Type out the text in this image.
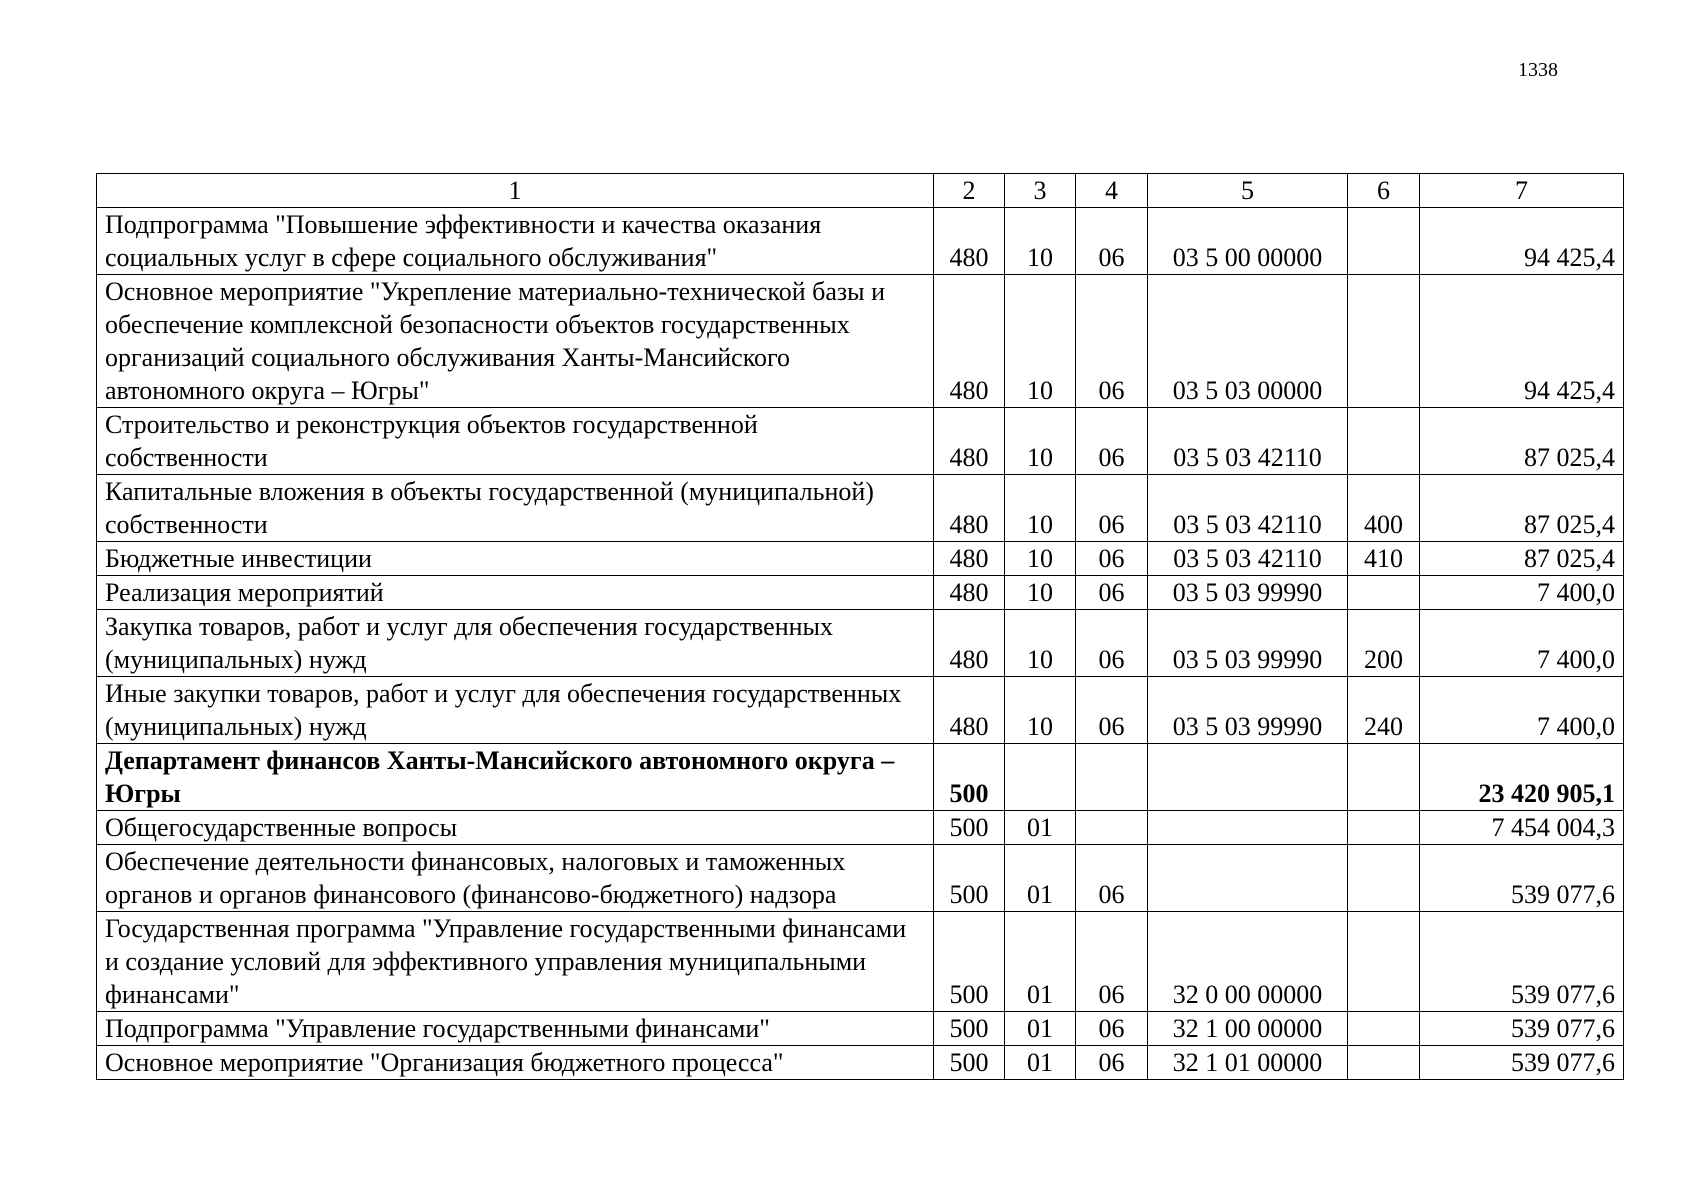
1338
1	2	3	4	5	6	7
Подпрограмма "Повышение эффективности и качества оказания социальных услуг в сфере социального обслуживания"	480	10	06	03 5 00 00000		94 425,4
Основное мероприятие "Укрепление материально-технической базы и обеспечение комплексной безопасности объектов государственных организаций социального обслуживания Ханты-Мансийского автономного округа – Югры"	480	10	06	03 5 03 00000		94 425,4
Строительство и реконструкция объектов государственной собственности	480	10	06	03 5 03 42110		87 025,4
Капитальные вложения в объекты государственной (муниципальной) собственности	480	10	06	03 5 03 42110	400	87 025,4
Бюджетные инвестиции	480	10	06	03 5 03 42110	410	87 025,4
Реализация мероприятий	480	10	06	03 5 03 99990		7 400,0
Закупка товаров, работ и услуг для обеспечения государственных (муниципальных) нужд	480	10	06	03 5 03 99990	200	7 400,0
Иные закупки товаров, работ и услуг для обеспечения государственных (муниципальных) нужд	480	10	06	03 5 03 99990	240	7 400,0
Департамент финансов Ханты-Мансийского автономного округа – Югры	500					23 420 905,1
Общегосударственные вопросы	500	01				7 454 004,3
Обеспечение деятельности финансовых, налоговых и таможенных органов и органов финансового (финансово-бюджетного) надзора	500	01	06			539 077,6
Государственная программа "Управление государственными финансами и создание условий для эффективного управления муниципальными финансами"	500	01	06	32 0 00 00000		539 077,6
Подпрограмма "Управление государственными финансами"	500	01	06	32 1 00 00000		539 077,6
Основное мероприятие "Организация бюджетного процесса"	500	01	06	32 1 01 00000		539 077,6
